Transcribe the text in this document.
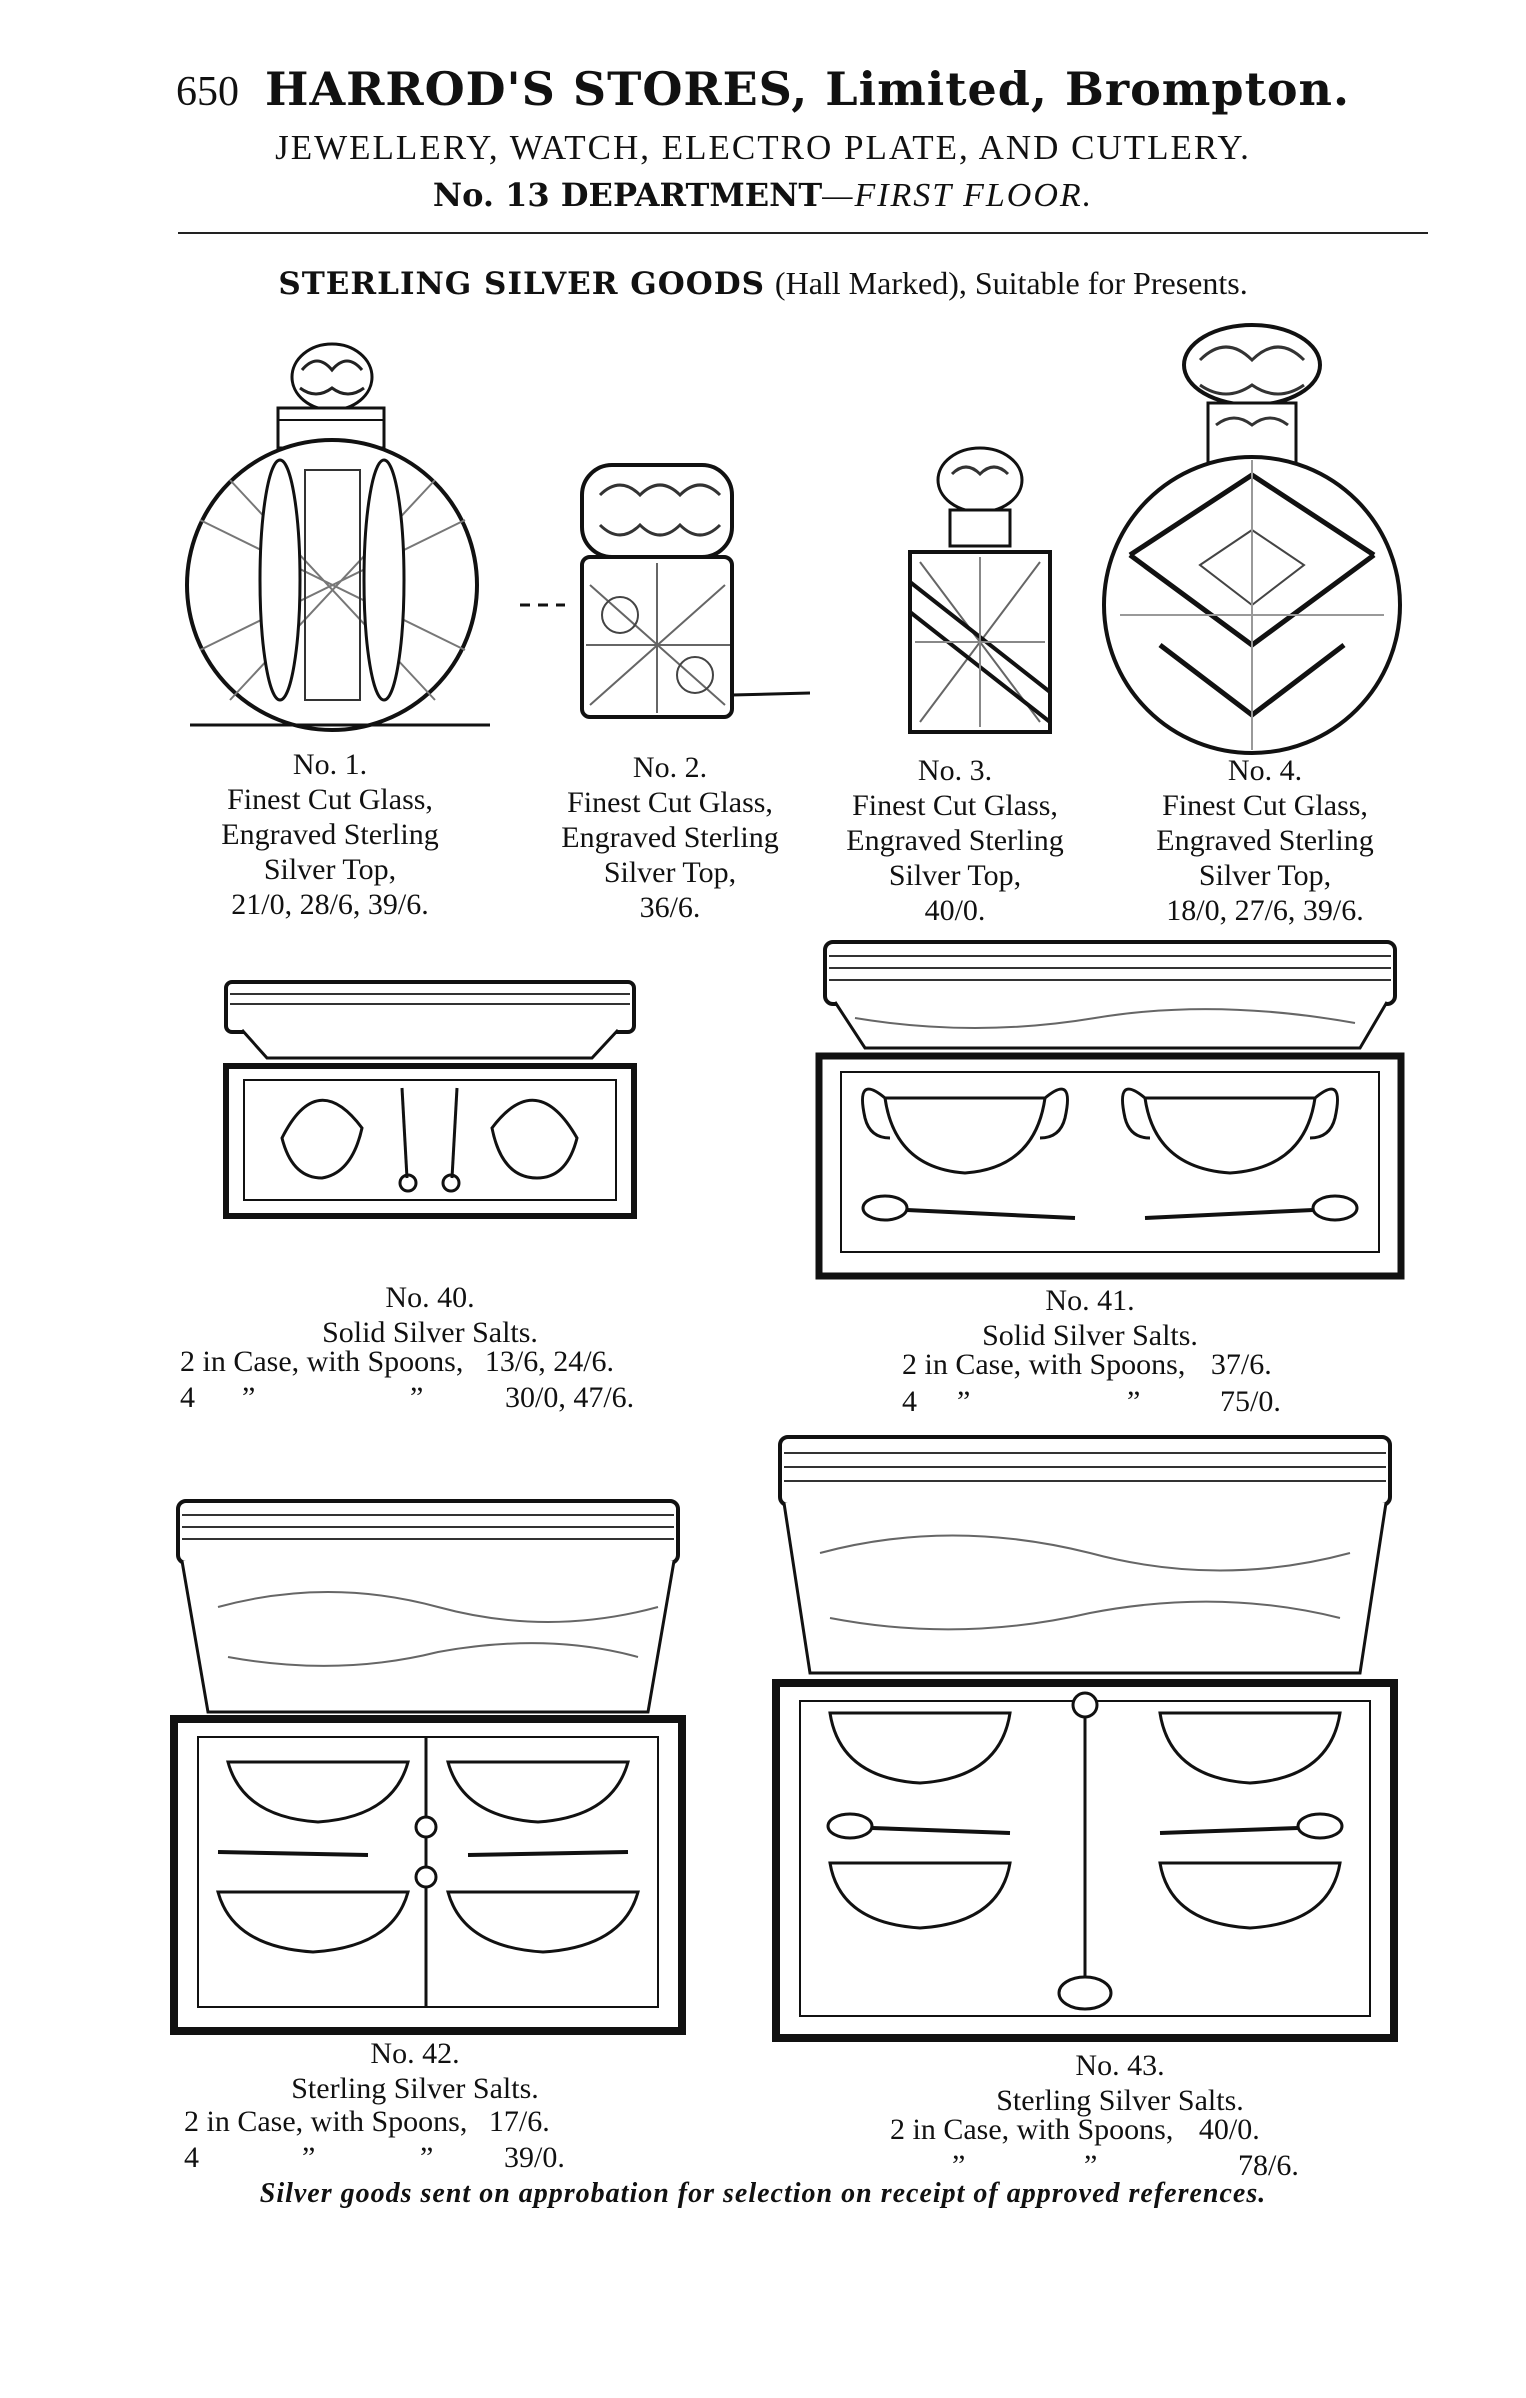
650 HARROD'S STORES, Limited, Brompton.
JEWELLERY, WATCH, ELECTRO PLATE, AND CUTLERY.
No. 13 DEPARTMENT—FIRST FLOOR.
STERLING SILVER GOODS (Hall Marked), Suitable for Presents.
No. 1.
Finest Cut Glass,
Engraved Sterling
Silver Top,
21/0, 28/6, 39/6.
No. 2.
Finest Cut Glass,
Engraved Sterling
Silver Top,
36/6.
No. 3.
Finest Cut Glass,
Engraved Sterling
Silver Top,
40/0.
No. 4.
Finest Cut Glass,
Engraved Sterling
Silver Top,
18/0, 27/6, 39/6.
No. 40.
Solid Silver Salts.
2 in Case, with Spoons, 13/6, 24/6.
4 ”	”	30/0, 47/6.
No. 41.
Solid Silver Salts.
2 in Case, with Spoons, 37/6.
4 ”	”	75/0.
No. 42.
Sterling Silver Salts.
2 in Case, with Spoons, 17/6.
4	”	” 39/0.
No. 43.
Sterling Silver Salts.
2 in Case, with Spoons, 40/0.
”	”	78/6.
Silver goods sent on approbation for selection on receipt of approved references.
